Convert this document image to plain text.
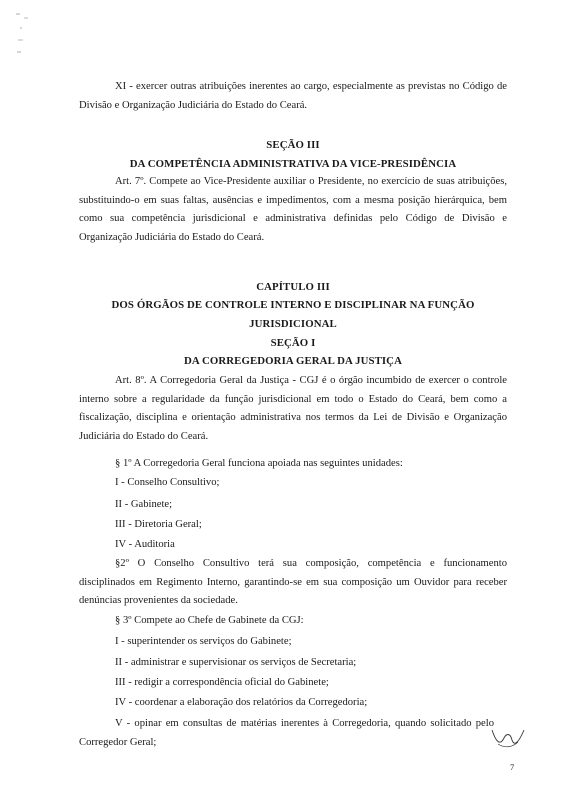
XI - exercer outras atribuições inerentes ao cargo, especialmente as previstas no Código de Divisão e Organização Judiciária do Estado do Ceará.

SEÇÃO III

DA COMPETÊNCIA ADMINISTRATIVA DA VICE-PRESIDÊNCIA

Art. 7º. Compete ao Vice-Presidente auxiliar o Presidente, no exercício de suas atribuições, substituindo-o em suas faltas, ausências e impedimentos, com a mesma posição hierárquica, bem como sua competência jurisdicional e administrativa definidas pelo Código de Divisão e Organização Judiciária do Estado do Ceará.

CAPÍTULO III

DOS ÓRGÃOS DE CONTROLE INTERNO E DISCIPLINAR NA FUNÇÃO

JURISDICIONAL

SEÇÃO I

DA CORREGEDORIA GERAL DA JUSTIÇA

Art. 8º. A Corregedoria Geral da Justiça - CGJ é o órgão incumbido de exercer o controle interno sobre a regularidade da função jurisdicional em todo o Estado do Ceará, bem como a fiscalização, disciplina e orientação administrativa nos termos da Lei de Divisão e Organização Judiciária do Estado do Ceará.

§ 1º A Corregedoria Geral funciona apoiada nas seguintes unidades:

I - Conselho Consultivo;

II - Gabinete;

III - Diretoria Geral;

IV - Auditoria

§2º O Conselho Consultivo terá sua composição, competência e funcionamento disciplinados em Regimento Interno, garantindo-se em sua composição um Ouvidor para receber denúncias provenientes da sociedade.

§ 3º Compete ao Chefe de Gabinete da CGJ:

I - superintender os serviços do Gabinete;

II - administrar e supervisionar os serviços de Secretaria;

III - redigir a correspondência oficial do Gabinete;

IV - coordenar a elaboração dos relatórios da Corregedoria;

V - opinar em consultas de matérias inerentes à Corregedoria, quando solicitado pelo Corregedor Geral;

7
